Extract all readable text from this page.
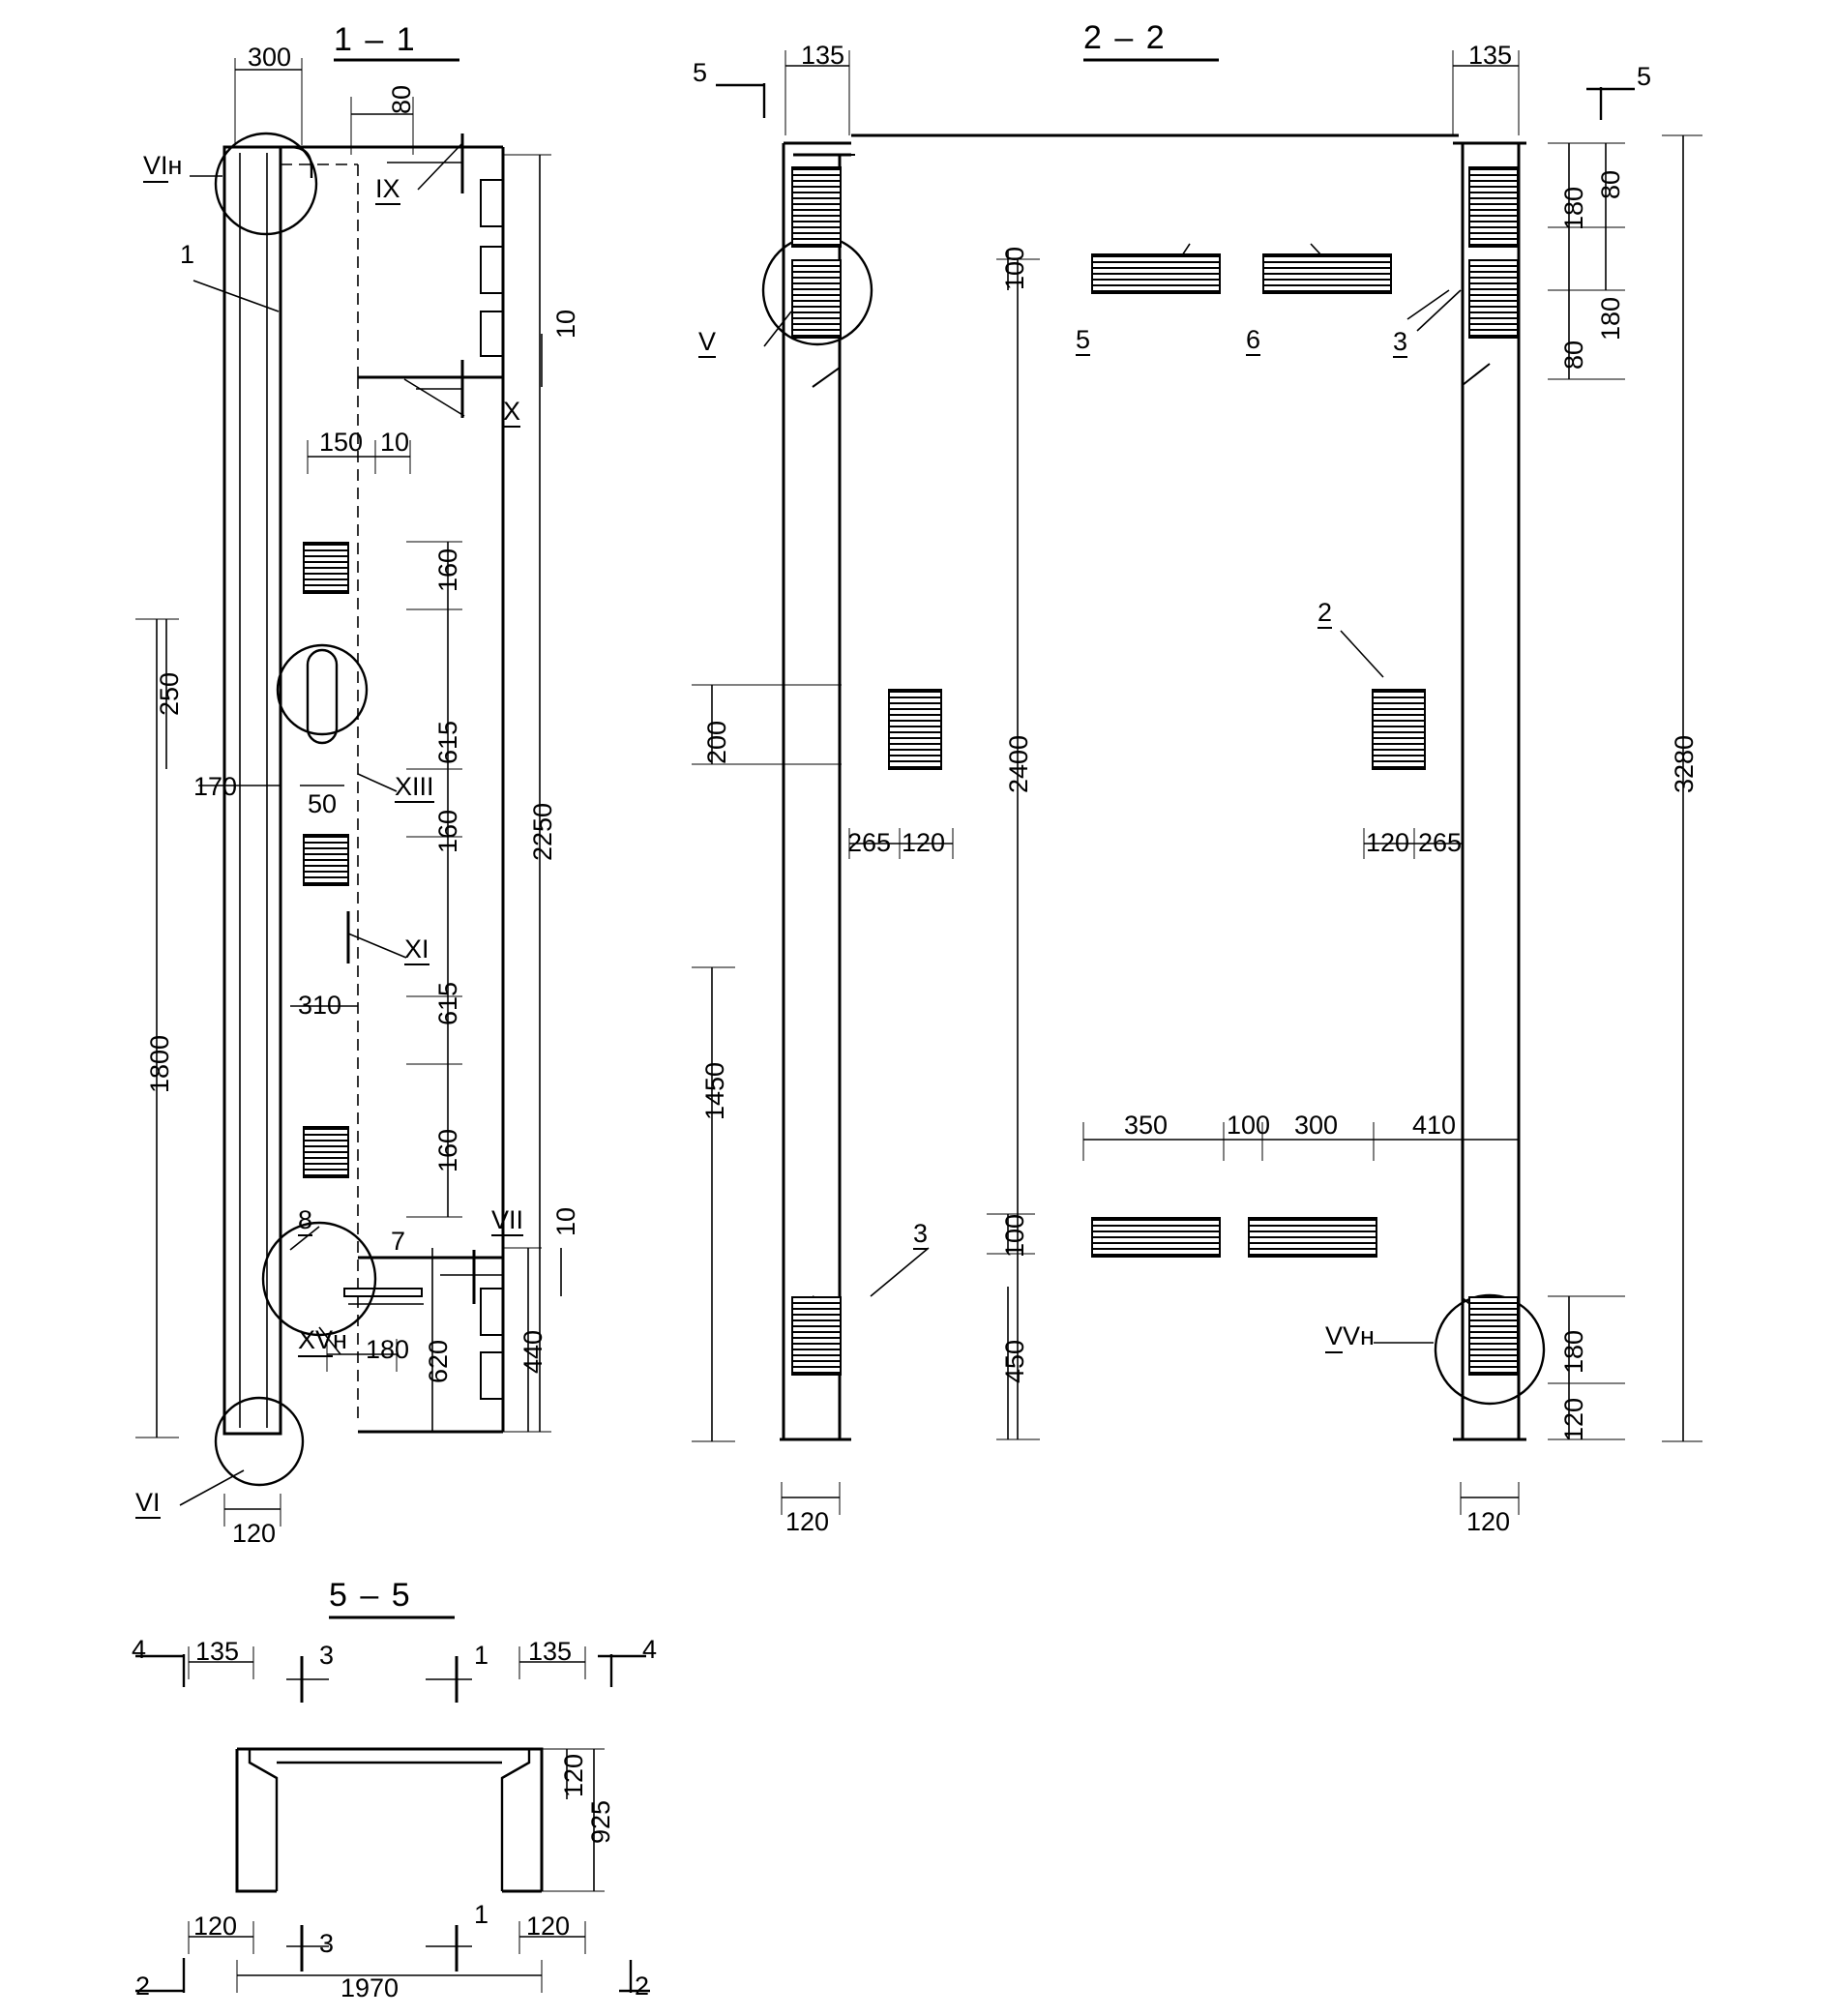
1 – 1	2 – 2
5 – 5
300
80
10
150 10
160
615
50
160
615
160
2250
250
170
310
180 620	440
10
1800
120
VIн
IX
X
XIII
XI
VII
XVн
VI
1
8
7
135	135
180
80
80
180
3280
100
200	2400
265 120	120 265
1450
350 100 300	410
100
450	180
120
120	120
5	5
V
VVн
5	6	3
2
3
135	135
120
925
120	120
1970
4	4
3	1
3
1
2	2
